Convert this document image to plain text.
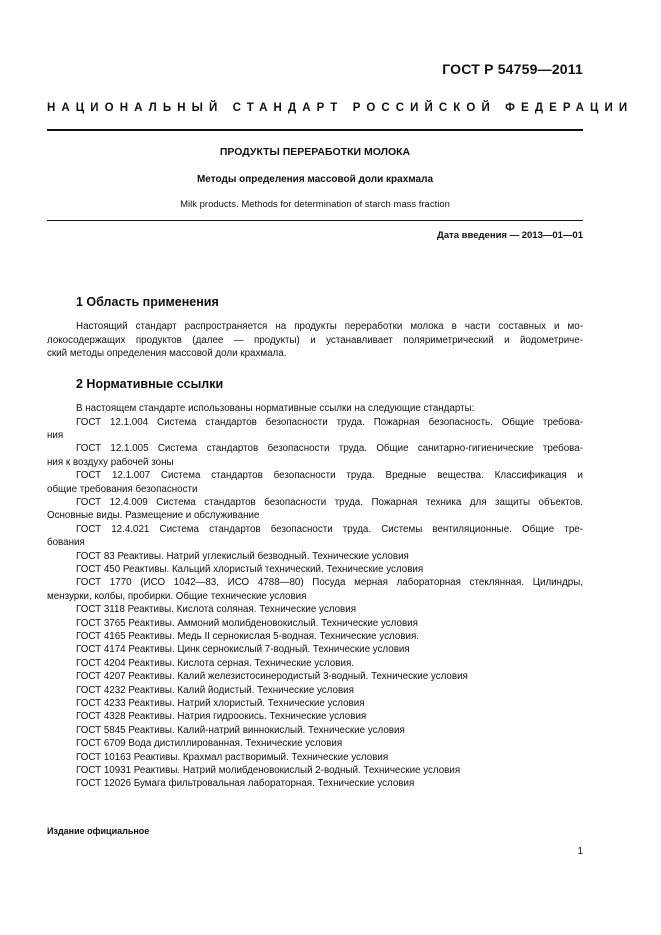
ГОСТ Р 54759—2011
НАЦИОНАЛЬНЫЙ СТАНДАРТ РОССИЙСКОЙ ФЕДЕРАЦИИ
ПРОДУКТЫ ПЕРЕРАБОТКИ МОЛОКА
Методы определения массовой доли крахмала
Milk products. Methods for determination of starch mass fraction
Дата введения — 2013—01—01
1 Область применения
Настоящий стандарт распространяется на продукты переработки молока в части составных и мо-
локосодержащих продуктов (далее — продукты) и устанавливает поляриметрический и йодометриче-
ский методы определения массовой доли крахмала.
2 Нормативные ссылки
В настоящем стандарте использованы нормативные ссылки на следующие стандарты:
ГОСТ 12.1.004 Система стандартов безопасности труда. Пожарная безопасность. Общие требова-
ния
ГОСТ 12.1.005 Система стандартов безопасности труда. Общие санитарно-гигиенические требова-
ния к воздуху рабочей зоны
ГОСТ 12.1.007 Система стандартов безопасности труда. Вредные вещества. Классификация и
общие требования безопасности
ГОСТ 12.4.009 Система стандартов безопасности труда. Пожарная техника для защиты объектов.
Основные виды. Размещение и обслуживание
ГОСТ 12.4.021 Система стандартов безопасности труда. Системы вентиляционные. Общие тре-
бования
ГОСТ 83 Реактивы. Натрий углекислый безводный. Технические условия
ГОСТ 450 Реактивы. Кальций хлористый технический. Технические условия
ГОСТ 1770 (ИСО 1042—83, ИСО 4788—80) Посуда мерная лабораторная стеклянная. Цилиндры,
мензурки, колбы, пробирки. Общие технические условия
ГОСТ 3118 Реактивы. Кислота соляная. Технические условия
ГОСТ 3765 Реактивы. Аммоний молибденовокислый. Технические условия
ГОСТ 4165 Реактивы. Медь II сернокислая 5-водная. Технические условия.
ГОСТ 4174 Реактивы. Цинк сернокислый 7-водный. Технические условия
ГОСТ 4204 Реактивы. Кислота серная. Технические условия.
ГОСТ 4207 Реактивы. Калий железистосинеродистый 3-водный. Технические условия
ГОСТ 4232 Реактивы. Калий йодистый. Технические условия
ГОСТ 4233 Реактивы. Натрий хлористый. Технические условия
ГОСТ 4328 Реактивы. Натрия гидроокись. Технические условия
ГОСТ 5845 Реактивы. Калий-натрий виннокислый. Технические условия
ГОСТ 6709 Вода дистиллированная. Технические условия
ГОСТ 10163 Реактивы. Крахмал растворимый. Технические условия
ГОСТ 10931 Реактивы. Натрий молибденовокислый 2-водный. Технические условия
ГОСТ 12026 Бумага фильтровальная лабораторная. Технические условия
Издание официальное
1
